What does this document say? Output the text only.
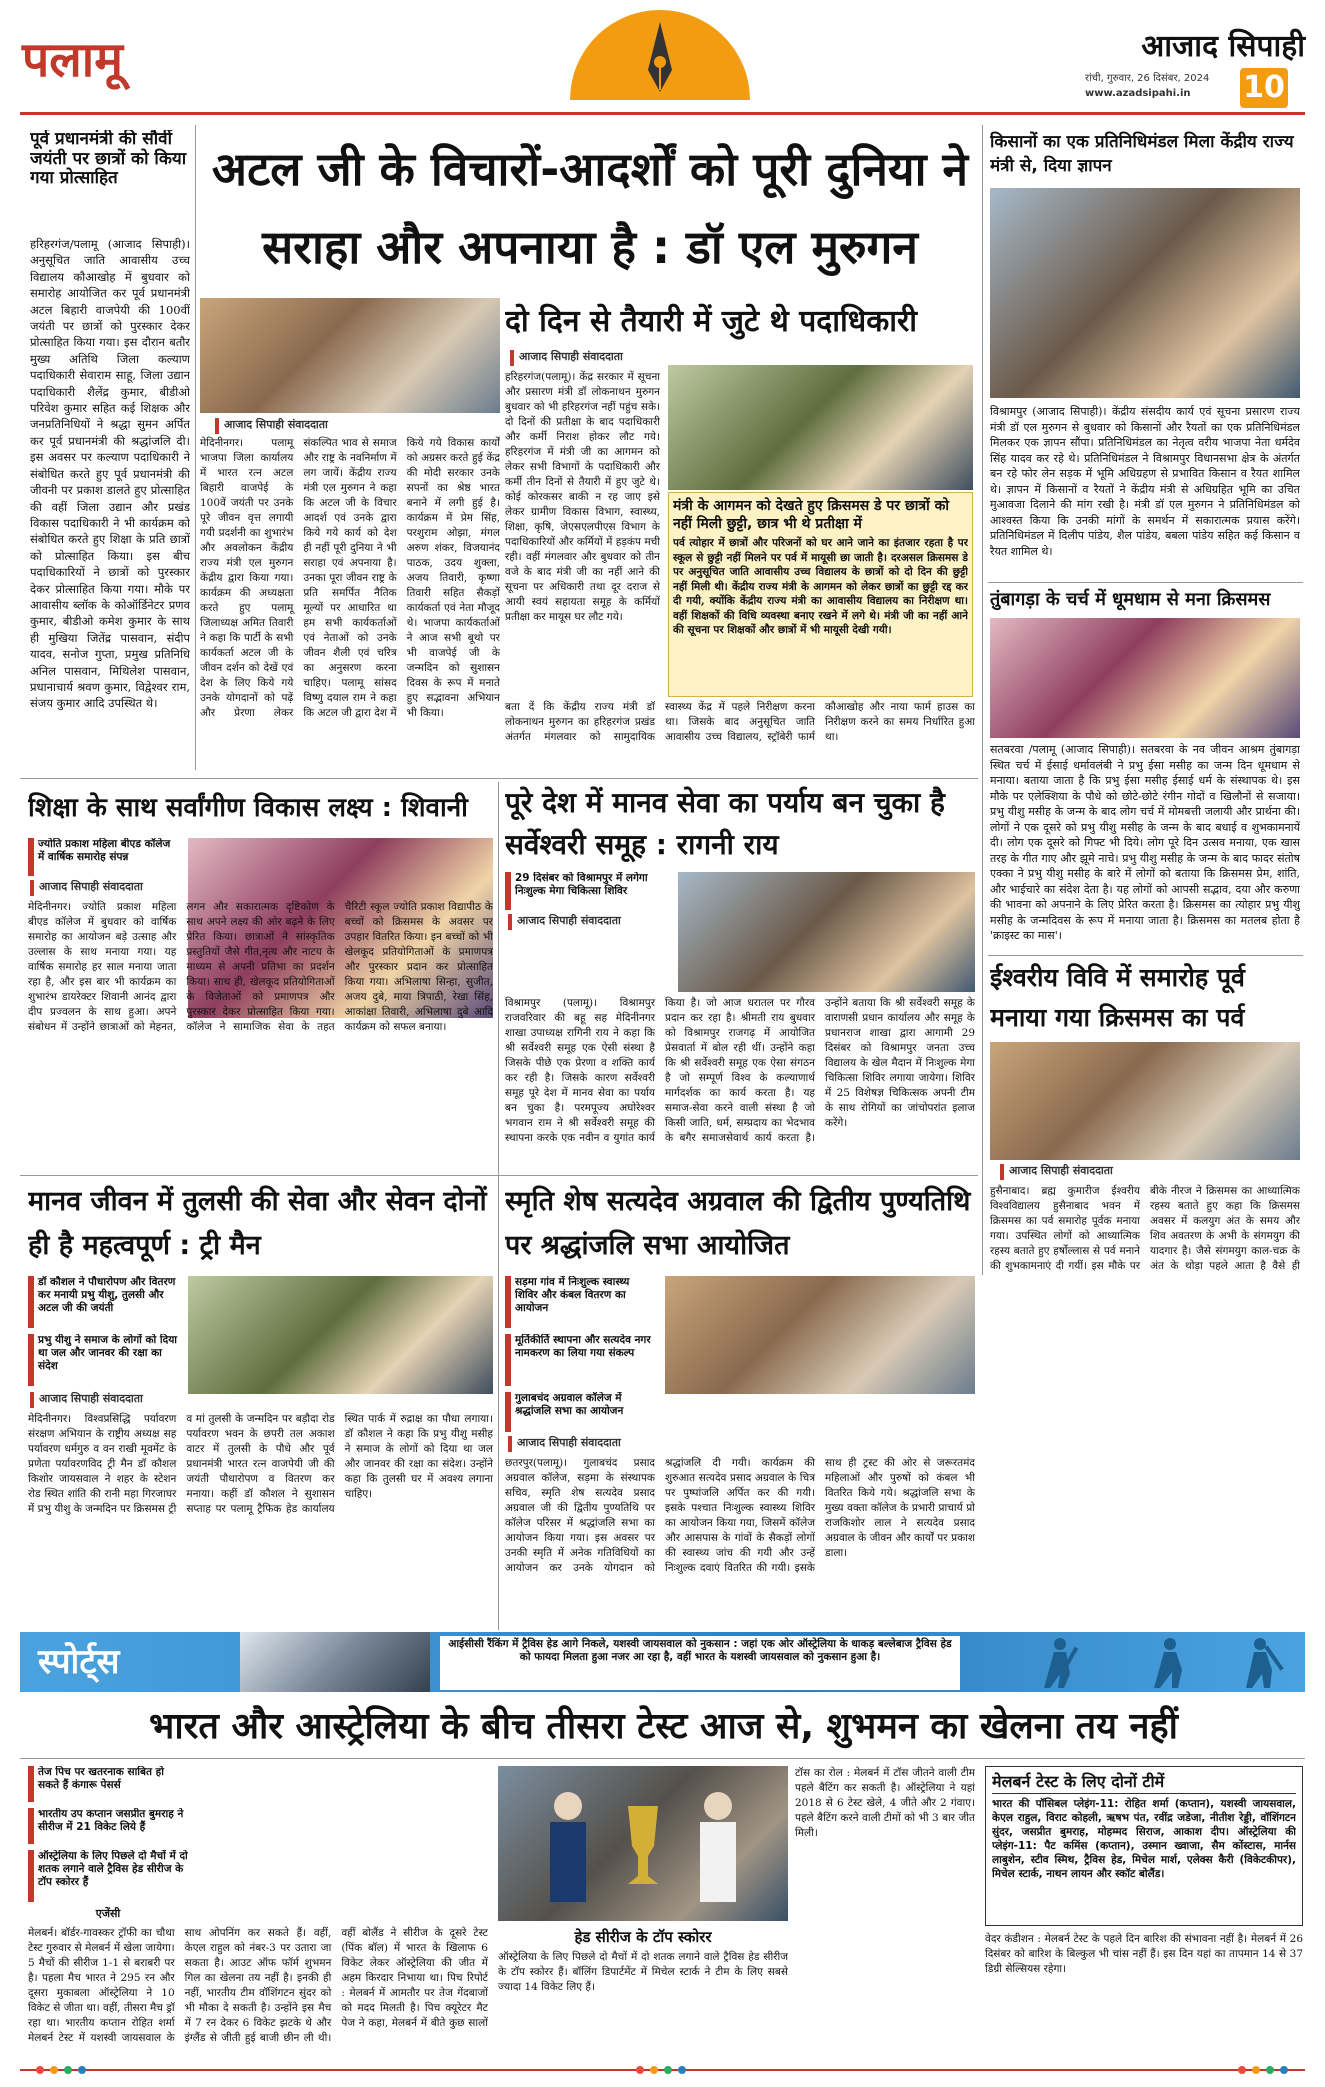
पलामू	आजाद सिपाही
रांची, गुरुवार, 26 दिसंबर, 2024
www.azadsipahi.in	10
पूर्व प्रधानमंत्री की सौवीं जयंती पर छात्रों को किया गया प्रोत्साहित
हरिहरगंज/पलामू (आजाद सिपाही)। अनुसूचित जाति आवासीय उच्च विद्यालय कौआखोह में बुधवार को समारोह आयोजित कर पूर्व प्रधानमंत्री अटल बिहारी वाजपेयी की 100वीं जयंती पर छात्रों को पुरस्कार देकर प्रोत्साहित किया गया। इस दौरान बतौर मुख्य अतिथि जिला कल्याण पदाधिकारी सेवाराम साहू, जिला उद्यान पदाधिकारी शैलेंद्र कुमार, बीडीओ परिवेश कुमार सहित कई शिक्षक और जनप्रतिनिधियों ने श्रद्धा सुमन अर्पित कर पूर्व प्रधानमंत्री की श्रद्धांजलि दी। इस अवसर पर कल्याण पदाधिकारी ने संबोधित करते हुए पूर्व प्रधानमंत्री की जीवनी पर प्रकाश डालते हुए प्रोत्साहित की वहीं जिला उद्यान और प्रखंड विकास पदाधिकारी ने भी कार्यक्रम को संबोधित करते हुए शिक्षा के प्रति छात्रों को प्रोत्साहित किया। इस बीच पदाधिकारियों ने छात्रों को पुरस्कार देकर प्रोत्साहित किया गया। मौके पर आवासीय ब्लॉक के कोऑर्डिनेटर प्रणव कुमार, बीडीओ कमेश कुमार के साथ ही मुखिया जितेंद्र पासवान, संदीप यादव, सनोज गुप्ता, प्रमुख प्रतिनिधि अनिल पासवान, मिथिलेश पासवान, प्रधानाचार्य श्रवण कुमार, विद्वेश्वर राम, संजय कुमार आदि उपस्थित थे।
अटल जी के विचारों-आदर्शों को पूरी दुनिया ने सराहा और अपनाया है : डॉ एल मुरुगन
आजाद सिपाही संवाददाता
मेदिनीनगर। पलामू भाजपा जिला कार्यालय में भारत रत्न अटल बिहारी वाजपेई के 100वें जयंती पर उनके पूरे जीवन वृत्त लगायी गयी प्रदर्शनी का शुभारंभ और अवलोकन केंद्रीय राज्य मंत्री एल मुरुगन केंद्रीय द्वारा किया गया। कार्यक्रम की अध्यक्षता करते हुए पलामू जिलाध्यक्ष अमित तिवारी ने कहा कि पार्टी के सभी कार्यकर्ता अटल जी के जीवन दर्शन को देखें एवं देश के लिए किये गये उनके योगदानों को पढ़ें और प्रेरणा लेकर संकल्पित भाव से समाज और राष्ट्र के नवनिर्माण में लग जायें। केंद्रीय राज्य मंत्री एल मुरुगन ने कहा कि अटल जी के विचार आदर्श एवं उनके द्वारा किये गये कार्य को देश ही नहीं पूरी दुनिया ने भी सराहा एवं अपनाया है। उनका पूरा जीवन राष्ट्र के प्रति समर्पित नैतिक मूल्यों पर आधारित था हम सभी कार्यकर्ताओं एवं नेताओं को उनके जीवन शैली एवं चरित्र का अनुसरण करना चाहिए। पलामू सांसद विष्णु दयाल राम ने कहा कि अटल जी द्वारा देश में किये गये विकास कार्यों को अग्रसर करते हुई केंद्र की मोदी सरकार उनके सपनों का श्रेष्ठ भारत बनाने में लगी हुई है। कार्यक्रम में प्रेम सिंह, परशुराम ओझा, मंगल अरुण शंकर, विजयानंद पाठक, उदय शुक्ला, अजय तिवारी, कृष्णा तिवारी सहित सैकड़ों कार्यकर्ता एवं नेता मौजूद थे। भाजपा कार्यकर्ताओं ने आज सभी बूथो पर भी वाजपेई जी के जन्मदिन को सुशासन दिवस के रूप में मनाते हुए सद्भावना अभियान भी किया।
दो दिन से तैयारी में जुटे थे पदाधिकारी
आजाद सिपाही संवाददाता
हरिहरगंज(पलामू)। केंद्र सरकार में सूचना और प्रसारण मंत्री डॉ लोकनाथन मुरुगन बुधवार को भी हरिहरगंज नहीं पहुंच सके। दो दिनों की प्रतीक्षा के बाद पदाधिकारी और कर्मी निराश होकर लौट गये। हरिहरगंज में मंत्री जी का आगमन को लेकर सभी विभागों के पदाधिकारी और कर्मी तीन दिनों से तैयारी में हुए जुटे थे। कोई कोरकसर बाकी न रह जाए इसे लेकर ग्रामीण विकास विभाग, स्वास्थ्य, शिक्षा, कृषि, जेएसएलपीएस विभाग के पदाधिकारियों और कर्मियों में हड़कंप मची रही। वहीं मंगलवार और बुधवार को तीन वजे के बाद मंत्री जी का नहीं आने की सूचना पर अधिकारी तथा दूर दराज से आयी स्वयं सहायता समूह के कर्मियों प्रतीक्षा कर मायूस घर लौट गये।
मंत्री के आगमन को देखते हुए क्रिसमस डे पर छात्रों को नहीं मिली छुट्टी, छात्र भी थे प्रतीक्षा में
पर्व त्योहार में छात्रों और परिजनों को घर आने जाने का इंतजार रहता है पर स्कूल से छुट्टी नहीं मिलने पर पर्व में मायूसी छा जाती है। दरअसल क्रिसमस डे पर अनुसूचित जाति आवासीय उच्च विद्यालय के छात्रों को दो दिन की छुट्टी नहीं मिली थी। केंद्रीय राज्य मंत्री के आगमन को लेकर छात्रों का छुट्टी रद्द कर दी गयी, क्योंकि केंद्रीय राज्य मंत्री का आवासीय विद्यालय का निरीक्षण था। वहीं शिक्षकों की विधि व्यवस्था बनाए रखने में लगे थे। मंत्री जी का नहीं आने की सूचना पर शिक्षकों और छात्रों में भी मायूसी देखी गयी।
बता दें कि केंद्रीय राज्य मंत्री डॉ लोकनाथन मुरुगन का हरिहरगंज प्रखंड अंतर्गत मंगलवार को सामुदायिक स्वास्थ्य केंद्र में पहले निरीक्षण करना था। जिसके बाद अनुसूचित जाति आवासीय उच्च विद्यालय, स्ट्रॉबेरी फार्म कौआखोह और नाया फार्म हाउस का निरीक्षण करने का समय निर्धारित हुआ था।
किसानों का एक प्रतिनिधिमंडल मिला केंद्रीय राज्य मंत्री से, दिया ज्ञापन
विश्रामपुर (आजाद सिपाही)। केंद्रीय संसदीय कार्य एवं सूचना प्रसारण राज्य मंत्री डॉ एल मुरुगन से बुधवार को किसानों और रैयतों का एक प्रतिनिधिमंडल मिलकर एक ज्ञापन सौंपा। प्रतिनिधिमंडल का नेतृत्व वरीय भाजपा नेता धर्मदेव सिंह यादव कर रहे थे। प्रतिनिधिमंडल ने विश्रामपुर विधानसभा क्षेत्र के अंतर्गत बन रहे फोर लेन सड़क में भूमि अधिग्रहण से प्रभावित किसान व रैयत शामिल थे। ज्ञापन में किसानों व रैयतों ने केंद्रीय मंत्री से अधिग्रहित भूमि का उचित मुआवजा दिलाने की मांग रखी है। मंत्री डॉ एल मुरुगन ने प्रतिनिधिमंडल को आश्वस्त किया कि उनकी मांगों के समर्थन में सकारात्मक प्रयास करेंगे। प्रतिनिधिमंडल में दिलीप पांडेय, शैल पांडेय, बबला पांडेय सहित कई किसान व रैयत शामिल थे।
तुंबागड़ा के चर्च में धूमधाम से मना क्रिसमस
सतबरवा /पलामू (आजाद सिपाही)। सतबरवा के नव जीवन आश्रम तुंबागड़ा स्थित चर्च में ईसाई धर्मावलंबी ने प्रभु ईसा मसीह का जन्म दिन धूमधाम से मनाया। बताया जाता है कि प्रभु ईसा मसीह ईसाई धर्म के संस्थापक थे। इस मौके पर एलेक्शिया के पौधे को छोटे-छोटे रंगीन गोदों व खिलौनों से सजाया। प्रभु यीशु मसीह के जन्म के बाद लोग चर्च में मोमबत्ती जलायी और प्रार्थना की। लोगों ने एक दूसरे को प्रभु यीशु मसीह के जन्म के बाद बधाई व शुभकामनायें दी। लोग एक दूसरे को गिफ्ट भी दिये। लोग पूरे दिन उत्सव मनाया, एक खास तरह के गीत गाए और झूमे नाचे। प्रभु यीशु मसीह के जन्म के बाद फादर संतोष एक्का ने प्रभु यीशु मसीह के बारे में लोगों को बताया कि क्रिसमस प्रेम, शांति, और भाईचारे का संदेश देता है। यह लोगों को आपसी सद्भाव, दया और करुणा की भावना को अपनाने के लिए प्रेरित करता है। क्रिसमस का त्योहार प्रभु यीशु मसीह के जन्मदिवस के रूप में मनाया जाता है। क्रिसमस का मतलब होता है 'क्राइस्ट का मास'।
ईश्वरीय विवि में समारोह पूर्व मनाया गया क्रिसमस का पर्व
आजाद सिपाही संवाददाता
हुसैनाबाद। ब्रह्म कुमारीज ईश्वरीय विश्वविद्यालय हुसैनाबाद भवन में क्रिसमस का पर्व समारोह पूर्वक मनाया गया। उपस्थित लोगों को आध्यात्मिक रहस्य बताते हुए हर्षोल्लास से पर्व मनाने की शुभकामनाएं दी गयीं। इस मौके पर बीके नीरज ने क्रिसमस का आध्यात्मिक रहस्य बताते हुए कहा कि क्रिसमस अवसर में कलयुग अंत के समय और शिव अवतरण के अभी के संगमयुग की यादगार है। जैसे संगमयुग काल-चक्र के अंत के थोड़ा पहले आता है वैसे ही
शिक्षा के साथ सर्वांगीण विकास लक्ष्य : शिवानी
ज्योति प्रकाश महिला बीएड कॉलेज में वार्षिक समारोह संपन्न
आजाद सिपाही संवाददाता
मेदिनीनगर। ज्योति प्रकाश महिला बीएड कॉलेज में बुधवार को वार्षिक समारोह का आयोजन बड़े उत्साह और उल्लास के साथ मनाया गया। यह वार्षिक समारोह हर साल मनाया जाता रहा है, और इस बार भी कार्यक्रम का शुभारंभ डायरेक्टर शिवानी आनंद द्वारा दीप प्रज्वलन के साथ हुआ। अपने संबोधन में उन्होंने छात्राओं को मेहनत, लगन और सकारात्मक दृष्टिकोण के साथ अपने लक्ष्य की ओर बढ़ने के लिए प्रेरित किया। छात्राओं ने सांस्कृतिक प्रस्तुतियों जैसे गीत,नृत्य और नाटय के माध्यम से अपनी प्रतिभा का प्रदर्शन किया। साथ ही, खेलकूद प्रतियोगिताओं के विजेताओं को प्रमाणपत्र और पुरस्कार देकर प्रोत्साहित किया गया। कॉलेज ने सामाजिक सेवा के तहत चैरिटी स्कूल ज्योति प्रकाश विद्यापीठ के बच्चों को क्रिसमस के अवसर पर उपहार वितरित किया। इन बच्चों को भी खेलकूद प्रतियोगिताओं के प्रमाणपत्र और पुरस्कार प्रदान कर प्रोत्साहित किया गया। अभिलाषा सिन्हा, सुजीत, अजय दुबे, माया त्रिपाठी, रेखा सिंह, आकांक्षा तिवारी, अभिलाषा दुबे आदि कार्यक्रम को सफल बनाया।
पूरे देश में मानव सेवा का पर्याय बन चुका है सर्वेश्वरी समूह : रागनी राय
29 दिसंबर को विश्रामपुर में लगेगा निःशुल्क मेगा चिकित्सा शिविर
आजाद सिपाही संवाददाता
विश्रामपुर (पलामू)। विश्रामपुर राजवरिवार की बहू सह मेदिनीनगर शाखा उपाध्यक्ष रागिनी राय ने कहा कि श्री सर्वेश्वरी समूह एक ऐसी संस्था है जिसके पीछे एक प्रेरणा व शक्ति कार्य कर रही है। जिसके कारण सर्वेश्वरी समूह पूरे देश में मानव सेवा का पर्याय बन चुका है। परमपूज्य अघोरेश्वर भगवान राम ने श्री सर्वेश्वरी समूह की स्थापना करके एक नवीन व युगांत कार्य किया है। जो आज धरातल पर गौरव प्रदान कर रहा है। श्रीमती राय बुधवार को विश्रामपुर राजगढ़ में आयोजित प्रेसवार्ता में बोल रही थीं। उन्होंने कहा कि श्री सर्वेश्वरी समूह एक ऐसा संगठन है जो सम्पूर्ण विश्व के कल्याणार्थ मार्गदर्शक का कार्य करता है। यह समाज-सेवा करने वाली संस्था है जो किसी जाति, धर्म, सम्प्रदाय का भेदभाव के बगैर समाजसेवार्थ कार्य करता है। उन्होंने बताया कि श्री सर्वेश्वरी समूह के वाराणसी प्रधान कार्यालय और समूह के प्रधानराज शाखा द्वारा आगामी 29 दिसंबर को विश्रामपुर जनता उच्च विद्यालय के खेल मैदान में निःशुल्क मेगा चिकित्सा शिविर लगाया जायेगा। शिविर में 25 विशेषज्ञ चिकित्सक अपनी टीम के साथ रोगियों का जांचोपरांत इलाज करेंगे।
मानव जीवन में तुलसी की सेवा और सेवन दोनों ही है महत्वपूर्ण : ट्री मैन
स्मृति शेष सत्यदेव अग्रवाल की द्वितीय पुण्यतिथि पर श्रद्धांजलि सभा आयोजित
डॉ कौशल ने पौधारोपण और वितरण कर मनायी प्रभु यीशु, तुलसी और अटल जी की जयंती
प्रभु यीशु ने समाज के लोगों को दिया था जल और जानवर की रक्षा का संदेश
आजाद सिपाही संवाददाता
मेदिनीनगर। विश्वप्रसिद्धि पर्यावरण संरक्षण अभियान के राष्ट्रीय अध्यक्ष सह पर्यावरण धर्मगुरु व वन राखी मूवमेंट के प्रणेता पर्यावरणविद ट्री मैन डॉ कौशल किशोर जायसवाल ने शहर के स्टेशन रोड स्थित शांति की रानी महा गिरजाघर में प्रभु यीशु के जन्मदिन पर क्रिसमस ट्री व मां तुलसी के जन्मदिन पर बड़ौदा रोड पर्यावरण भवन के छपरी तल अकाश वाटर में तुलसी के पौधे और पूर्व प्रधानमंत्री भारत रत्न वाजपेयी जी की जयंती पौधारोपण व वितरण कर मनाया। कहीं डॉ कौशल ने सुशासन सप्ताह पर पलामू ट्रैफिक हेड कार्यालय स्थित पार्क में रुद्राक्ष का पौधा लगाया। डॉ कौशल ने कहा कि प्रभु यीशु मसीह ने समाज के लोगों को दिया था जल और जानवर की रक्षा का संदेश। उन्होंने कहा कि तुलसी घर में अवश्य लगाना चाहिए।
सड़मा गांव में निःशुल्क स्वास्थ्य शिविर और कंबल वितरण का आयोजन
मूर्तिकीर्ति स्थापना और सत्यदेव नगर नामकरण का लिया गया संकल्प
गुलाबचंद अग्रवाल कॉलेज में श्रद्धांजलि सभा का आयोजन
आजाद सिपाही संवाददाता
छतरपुर(पलामू)। गुलाबचंद प्रसाद अग्रवाल कॉलेज, सड़मा के संस्थापक सचिव, स्मृति शेष सत्यदेव प्रसाद अग्रवाल जी की द्वितीय पुण्यतिथि पर कॉलेज परिसर में श्रद्धांजलि सभा का आयोजन किया गया। इस अवसर पर उनकी स्मृति में अनेक गतिविधियों का आयोजन कर उनके योगदान को श्रद्धांजलि दी गयी। कार्यक्रम की शुरुआत सत्यदेव प्रसाद अग्रवाल के चित्र पर पुष्पांजलि अर्पित कर की गयी। इसके पश्चात निःशुल्क स्वास्थ्य शिविर का आयोजन किया गया, जिसमें कॉलेज और आसपास के गांवों के सैकड़ों लोगों की स्वास्थ्य जांच की गयी और उन्हें निःशुल्क दवाएं वितरित की गयी। इसके साथ ही ट्रस्ट की ओर से जरूरतमंद महिलाओं और पुरुषों को कंबल भी वितरित किये गये। श्रद्धांजलि सभा के मुख्य वक्ता कॉलेज के प्रभारी प्राचार्य प्रो राजकिशोर लाल ने सत्यदेव प्रसाद अग्रवाल के जीवन और कार्यों पर प्रकाश डाला।
स्पोर्ट्स	आईसीसी रैंकिंग में ट्रैविस हेड आगे निकले, यशस्वी जायसवाल को नुकसान : जहां एक ओर ऑस्ट्रेलिया के धाकड़ बल्लेबाज ट्रैविस हेड को फायदा मिलता हुआ नजर आ रहा है, वहीं भारत के यशस्वी जायसवाल को नुकसान हुआ है।
भारत और आस्ट्रेलिया के बीच तीसरा टेस्ट आज से, शुभमन का खेलना तय नहीं
तेज पिच पर खतरनाक साबित हो सकते हैं कंगारू पेसर्स
भारतीय उप कप्तान जसप्रीत बुमराह ने सीरीज में 21 विकेट लिये हैं
ऑस्ट्रेलिया के लिए पिछले दो मैचों में दो शतक लगाने वाले ट्रैविस हेड सीरीज के टॉप स्कोरर हैं
एजेंसी
मेलबर्न। बॉर्डर-गावस्कर ट्रॉफी का चौथा टेस्ट गुरुवार से मेलबर्न में खेला जायेगा। 5 मैचों की सीरीज 1-1 से बराबरी पर है। पहला मैच भारत ने 295 रन और दूसरा मुकाबला ऑस्ट्रेलिया ने 10 विकेट से जीता था। वहीं, तीसरा मैच ड्रॉ रहा था। भारतीय कप्तान रोहित शर्मा मेलबर्न टेस्ट में यशस्वी जायसवाल के साथ ओपनिंग कर सकते हैं। वहीं, केएल राहुल को नंबर-3 पर उतारा जा सकता है। आउट ऑफ फॉर्म शुभमन गिल का खेलना तय नहीं है। इनकी ही नहीं, भारतीय टीम वॉशिंगटन सुंदर को भी मौका दे सकती है। उन्होंने इस मैच में 7 रन देकर 6 विकेट झटके थे और इंग्लैंड से जीती हुई बाजी छीन ली थी। वहीं बोलैंड ने सीरीज के दूसरे टेस्ट (पिंक बॉल) में भारत के खिलाफ 6 विकेट लेकर ऑस्ट्रेलिया की जीत में अहम किरदार निभाया था। पिच रिपोर्ट : मेलबर्न में आमतौर पर तेज गेंदबाजों को मदद मिलती है। पिच क्यूरेटर मैट पेज ने कहा, मेलबर्न में बीते कुछ सालों
हेड सीरीज के टॉप स्कोरर
ऑस्ट्रेलिया के लिए पिछले दो मैचों में दो शतक लगाने वाले ट्रैविस हेड सीरीज के टॉप स्कोरर हैं। बॉलिंग डिपार्टमेंट में मिचेल स्टार्क ने टीम के लिए सबसे ज्यादा 14 विकेट लिए हैं।
टॉस का रोल : मेलबर्न में टॉस जीतने वाली टीम पहले बैटिंग कर सकती है। ऑस्ट्रेलिया ने यहां 2018 से 6 टेस्ट खेले, 4 जीते और 2 गंवाए। पहले बैटिंग करने वाली टीमों को भी 3 बार जीत मिली।
मेलबर्न टेस्ट के लिए दोनों टीमें
भारत की पॉसिबल प्लेइंग-11: रोहित शर्मा (कप्तान), यशस्वी जायसवाल, केएल राहुल, विराट कोहली, ऋषभ पंत, रवींद्र जडेजा, नीतीश रेड्डी, वॉशिंगटन सुंदर, जसप्रीत बुमराह, मोहम्मद सिराज, आकाश दीप। ऑस्ट्रेलिया की प्लेइंग-11: पैट कमिंस (कप्तान), उस्मान ख्वाजा, सैम कोंस्टास, मार्नस लाबुशेन, स्टीव स्मिथ, ट्रैविस हेड, मिचेल मार्श, एलेक्स कैरी (विकेटकीपर), मिचेल स्टार्क, नाथन लायन और स्कॉट बोलैंड।
वेदर कंडीशन : मेलबर्न टेस्ट के पहले दिन बारिश की संभावना नहीं है। मेलबर्न में 26 दिसंबर को बारिश के बिल्कुल भी चांस नहीं हैं। इस दिन यहां का तापमान 14 से 37 डिग्री सेल्सियस रहेगा।
